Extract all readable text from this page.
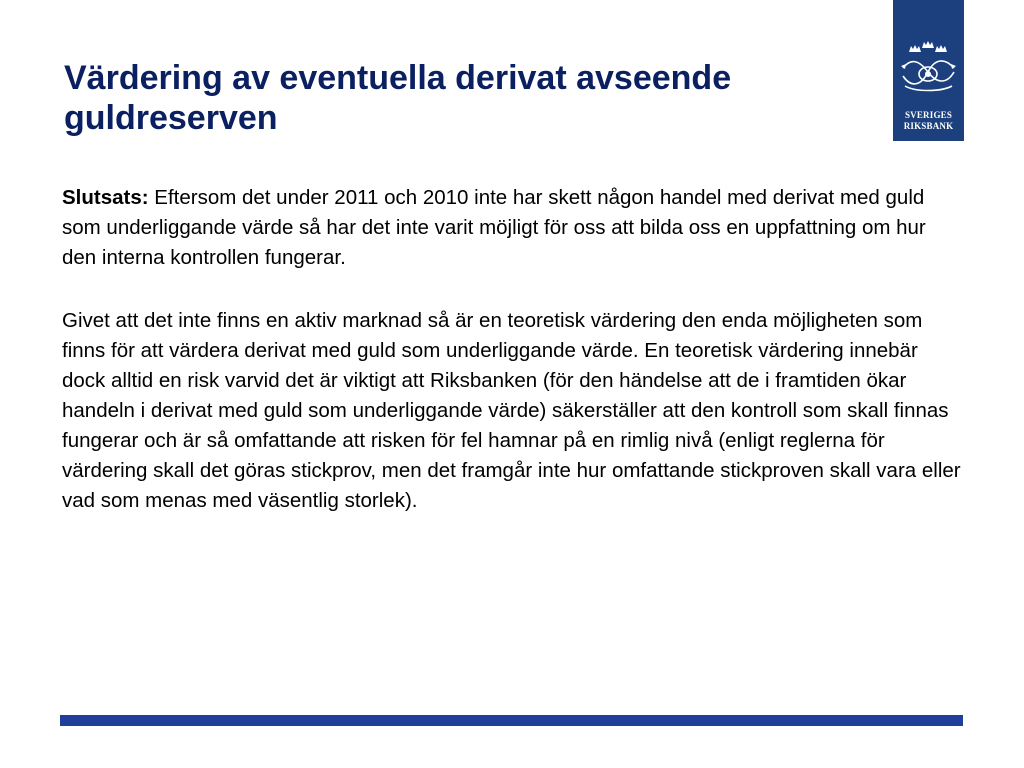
Värdering av eventuella derivat avseende guldreserven	SVERIGES
RIKSBANK

Slutsats: Eftersom det under 2011 och 2010 inte har skett någon handel med derivat med guld som underliggande värde så har det inte varit möjligt för oss att bilda oss en uppfattning om hur den interna kontrollen fungerar.

Givet att det inte finns en aktiv marknad så är en teoretisk värdering den enda möjligheten som finns för att värdera derivat med guld som underliggande värde. En teoretisk värdering innebär dock alltid en risk varvid det är viktigt att Riksbanken (för den händelse att de i framtiden ökar handeln i derivat med guld som underliggande värde) säkerställer att den kontroll som skall finnas fungerar och är så omfattande att risken för fel hamnar på en rimlig nivå (enligt reglerna för värdering skall det göras stickprov, men det framgår inte hur omfattande stickproven skall vara eller vad som menas med väsentlig storlek).
